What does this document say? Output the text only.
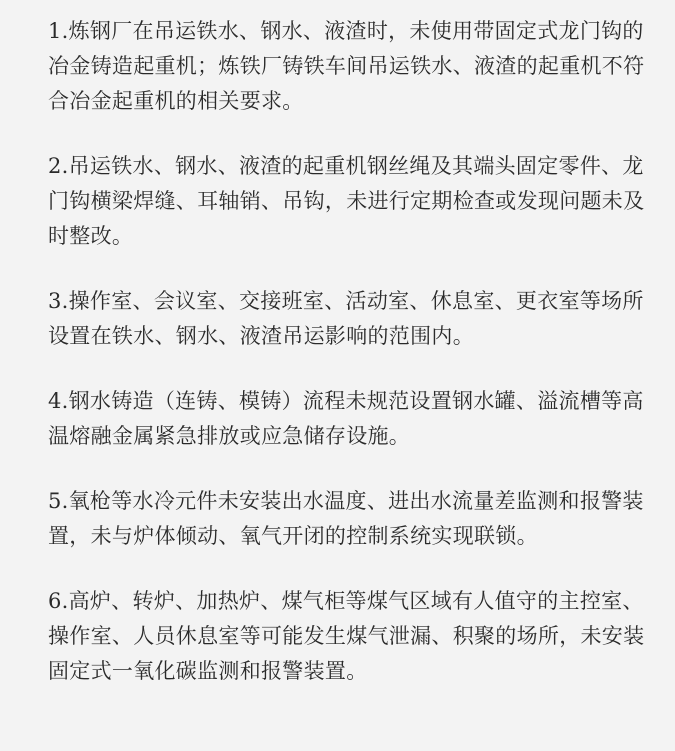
1.炼钢厂在吊运铁水、钢水、液渣时，未使用带固定式龙门钩的冶金铸造起重机；炼铁厂铸铁车间吊运铁水、液渣的起重机不符合冶金起重机的相关要求。

2.吊运铁水、钢水、液渣的起重机钢丝绳及其端头固定零件、龙门钩横梁焊缝、耳轴销、吊钩，未进行定期检查或发现问题未及时整改。

3.操作室、会议室、交接班室、活动室、休息室、更衣室等场所设置在铁水、钢水、液渣吊运影响的范围内。

4.钢水铸造（连铸、模铸）流程未规范设置钢水罐、溢流槽等高温熔融金属紧急排放或应急储存设施。

5.氧枪等水冷元件未安装出水温度、进出水流量差监测和报警装置，未与炉体倾动、氧气开闭的控制系统实现联锁。

6.高炉、转炉、加热炉、煤气柜等煤气区域有人值守的主控室、操作室、人员休息室等可能发生煤气泄漏、积聚的场所，未安装固定式一氧化碳监测和报警装置。
